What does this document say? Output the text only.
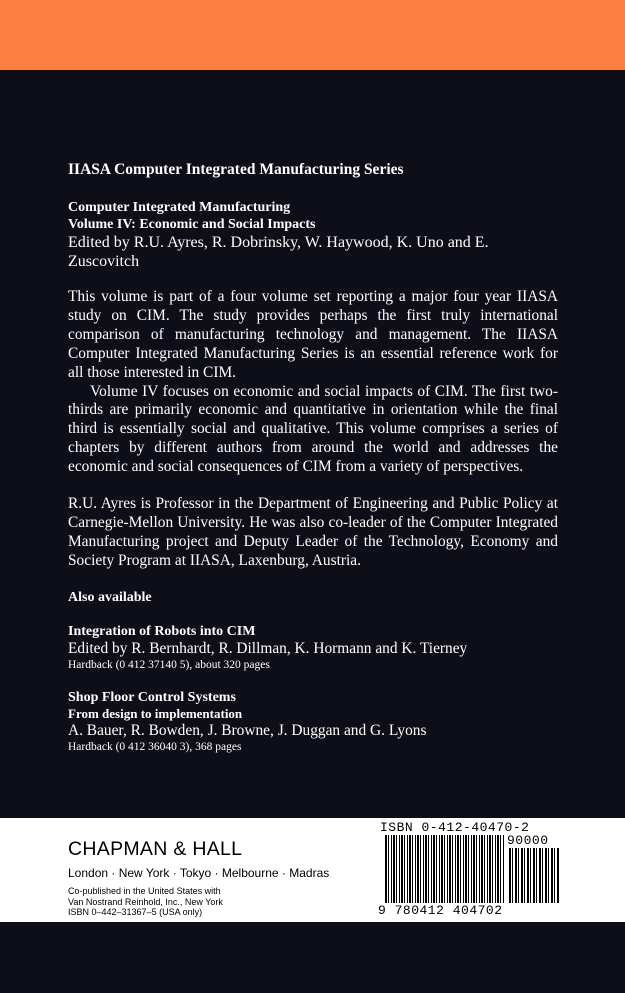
IIASA Computer Integrated Manufacturing Series
Computer Integrated Manufacturing
Volume IV: Economic and Social Impacts
Edited by R.U. Ayres, R. Dobrinsky, W. Haywood, K. Uno and E. Zuscovitch

This volume is part of a four volume set reporting a major four year IIASA study on CIM. The study provides perhaps the first truly international comparison of manufacturing technology and management. The IIASA Computer Integrated Manufacturing Series is an essential reference work for all those interested in CIM.

Volume IV focuses on economic and social impacts of CIM. The first two-thirds are primarily economic and quantitative in orientation while the final third is essentially social and qualitative. This volume comprises a series of chapters by different authors from around the world and addresses the economic and social consequences of CIM from a variety of perspectives.

R.U. Ayres is Professor in the Department of Engineering and Public Policy at Carnegie-Mellon University. He was also co-leader of the Computer Integrated Manufacturing project and Deputy Leader of the Technology, Economy and Society Program at IIASA, Laxenburg, Austria.

Also available
Integration of Robots into CIM
Edited by R. Bernhardt, R. Dillman, K. Hormann and K. Tierney
Hardback (0 412 37140 5), about 320 pages
Shop Floor Control Systems
From design to implementation
A. Bauer, R. Bowden, J. Browne, J. Duggan and G. Lyons
Hardback (0 412 36040 3), 368 pages
CHAPMAN & HALL
London · New York · Tokyo · Melbourne · Madras
Co-published in the United States with
Van Nostrand Reinhold, Inc., New York
ISBN 0–442–31367–5 (USA only)
ISBN 0-412-40470-2
90000
9 780412 404702
